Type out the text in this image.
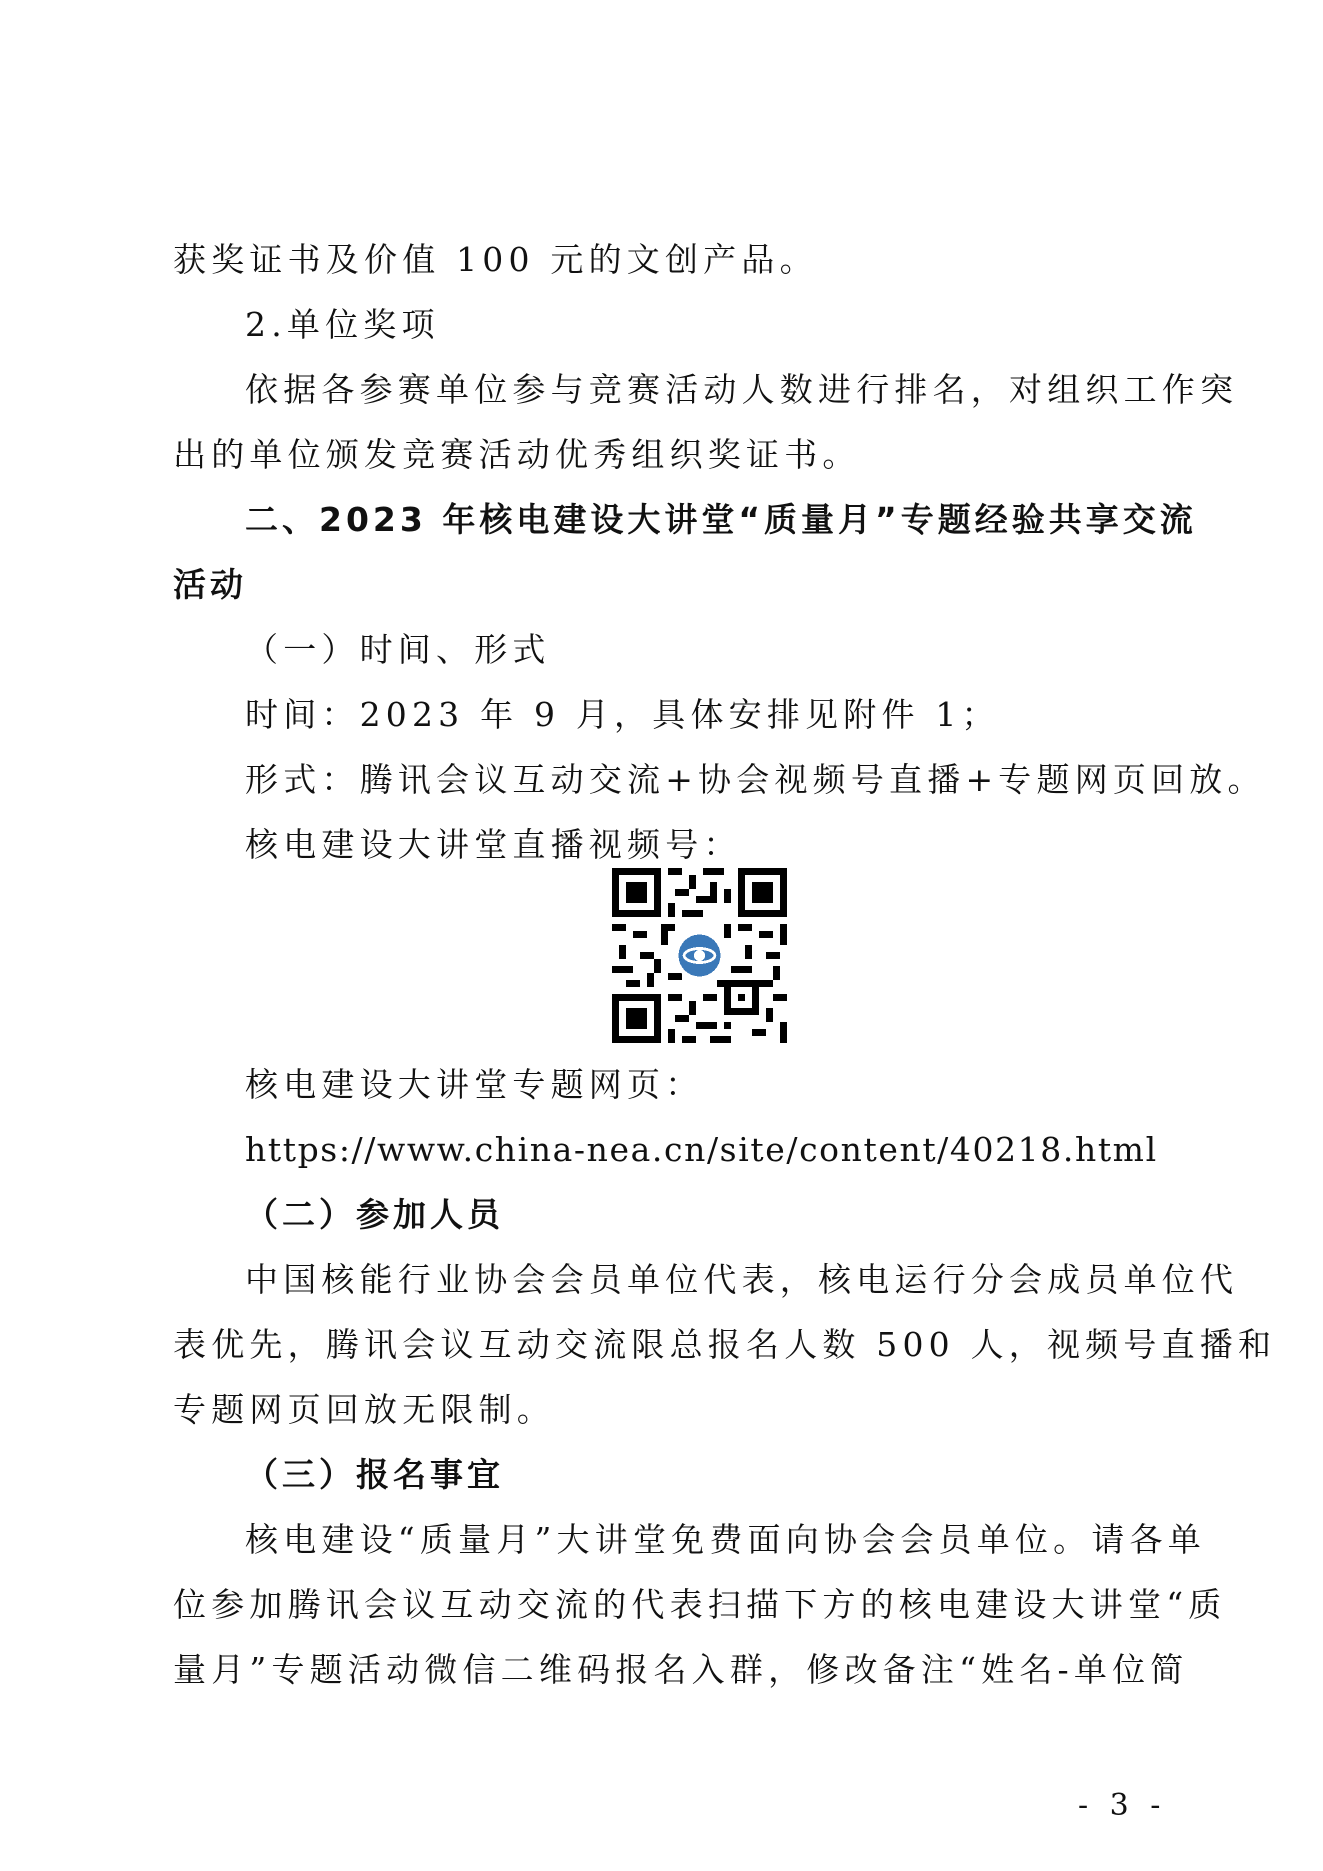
获奖证书及价值 100 元的文创产品。
2.单位奖项
依据各参赛单位参与竞赛活动人数进行排名，对组织工作突
出的单位颁发竞赛活动优秀组织奖证书。
二、2023 年核电建设大讲堂“质量月”专题经验共享交流
活动
（一）时间、形式
时间：2023 年 9 月，具体安排见附件 1；
形式：腾讯会议互动交流+协会视频号直播+专题网页回放。
核电建设大讲堂直播视频号：
核电建设大讲堂专题网页：
https://www.china-nea.cn/site/content/40218.html
（二）参加人员
中国核能行业协会会员单位代表，核电运行分会成员单位代
表优先，腾讯会议互动交流限总报名人数 500 人，视频号直播和
专题网页回放无限制。
（三）报名事宜
核电建设“质量月”大讲堂免费面向协会会员单位。请各单
位参加腾讯会议互动交流的代表扫描下方的核电建设大讲堂“质
量月”专题活动微信二维码报名入群，修改备注“姓名-单位简
- 3 -
